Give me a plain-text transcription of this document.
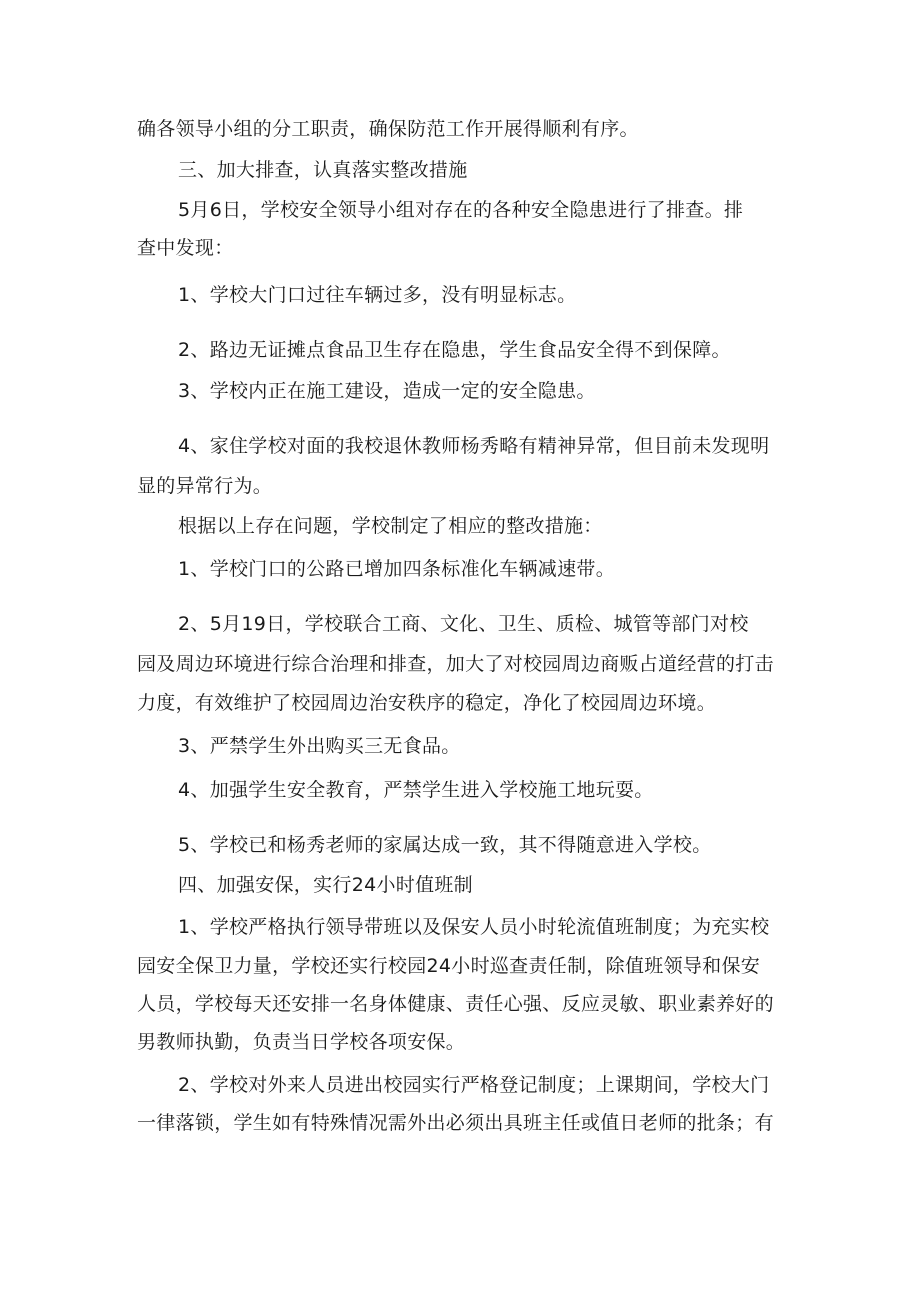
确各领导小组的分工职责，确保防范工作开展得顺利有序。
三、加大排查，认真落实整改措施
5月6日，学校安全领导小组对存在的各种安全隐患进行了排查。排
查中发现：
1、学校大门口过往车辆过多，没有明显标志。
2、路边无证摊点食品卫生存在隐患，学生食品安全得不到保障。
3、学校内正在施工建设，造成一定的安全隐患。
4、家住学校对面的我校退休教师杨秀略有精神异常，但目前未发现明
显的异常行为。
根据以上存在问题，学校制定了相应的整改措施：
1、学校门口的公路已增加四条标准化车辆减速带。
2、5月19日，学校联合工商、文化、卫生、质检、城管等部门对校
园及周边环境进行综合治理和排查，加大了对校园周边商贩占道经营的打击
力度，有效维护了校园周边治安秩序的稳定，净化了校园周边环境。
3、严禁学生外出购买三无食品。
4、加强学生安全教育，严禁学生进入学校施工地玩耍。
5、学校已和杨秀老师的家属达成一致，其不得随意进入学校。
四、加强安保，实行24小时值班制
1、学校严格执行领导带班以及保安人员小时轮流值班制度；为充实校
园安全保卫力量，学校还实行校园24小时巡查责任制，除值班领导和保安
人员，学校每天还安排一名身体健康、责任心强、反应灵敏、职业素养好的
男教师执勤，负责当日学校各项安保。
2、学校对外来人员进出校园实行严格登记制度；上课期间，学校大门
一律落锁，学生如有特殊情况需外出必须出具班主任或值日老师的批条；有
